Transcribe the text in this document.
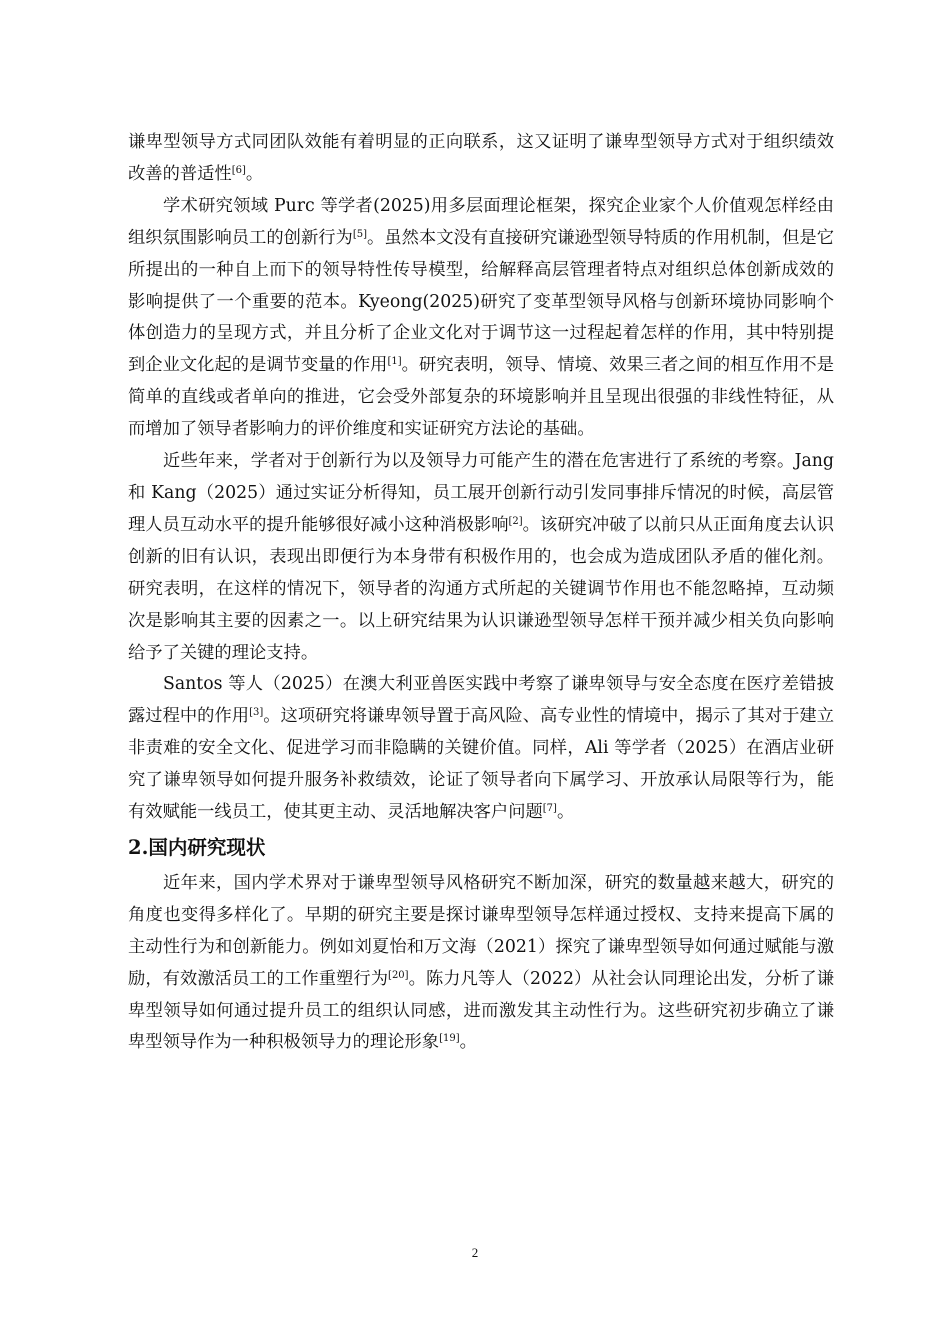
谦卑型领导方式同团队效能有着明显的正向联系，这又证明了谦卑型领导方式对于组织绩效改善的普适性[6]。

学术研究领域 Purc 等学者(2025)用多层面理论框架，探究企业家个人价值观怎样经由组织氛围影响员工的创新行为[5]。虽然本文没有直接研究谦逊型领导特质的作用机制，但是它所提出的一种自上而下的领导特性传导模型，给解释高层管理者特点对组织总体创新成效的影响提供了一个重要的范本。Kyeong(2025)研究了变革型领导风格与创新环境协同影响个体创造力的呈现方式，并且分析了企业文化对于调节这一过程起着怎样的作用，其中特别提到企业文化起的是调节变量的作用[1]。研究表明，领导、情境、效果三者之间的相互作用不是简单的直线或者单向的推进，它会受外部复杂的环境影响并且呈现出很强的非线性特征，从而增加了领导者影响力的评价维度和实证研究方法论的基础。

近些年来，学者对于创新行为以及领导力可能产生的潜在危害进行了系统的考察。Jang 和 Kang（2025）通过实证分析得知，员工展开创新行动引发同事排斥情况的时候，高层管理人员互动水平的提升能够很好减小这种消极影响[2]。该研究冲破了以前只从正面角度去认识创新的旧有认识，表现出即便行为本身带有积极作用的，也会成为造成团队矛盾的催化剂。研究表明，在这样的情况下，领导者的沟通方式所起的关键调节作用也不能忽略掉，互动频次是影响其主要的因素之一。以上研究结果为认识谦逊型领导怎样干预并减少相关负向影响给予了关键的理论支持。

Santos 等人（2025）在澳大利亚兽医实践中考察了谦卑领导与安全态度在医疗差错披露过程中的作用[3]。这项研究将谦卑领导置于高风险、高专业性的情境中，揭示了其对于建立非责难的安全文化、促进学习而非隐瞒的关键价值。同样，Ali 等学者（2025）在酒店业研究了谦卑领导如何提升服务补救绩效，论证了领导者向下属学习、开放承认局限等行为，能有效赋能一线员工，使其更主动、灵活地解决客户问题[7]。

2.国内研究现状

近年来，国内学术界对于谦卑型领导风格研究不断加深，研究的数量越来越大，研究的角度也变得多样化了。早期的研究主要是探讨谦卑型领导怎样通过授权、支持来提高下属的主动性行为和创新能力。例如刘夏怡和万文海（2021）探究了谦卑型领导如何通过赋能与激励，有效激活员工的工作重塑行为[20]。陈力凡等人（2022）从社会认同理论出发，分析了谦卑型领导如何通过提升员工的组织认同感，进而激发其主动性行为。这些研究初步确立了谦卑型领导作为一种积极领导力的理论形象[19]。

2
